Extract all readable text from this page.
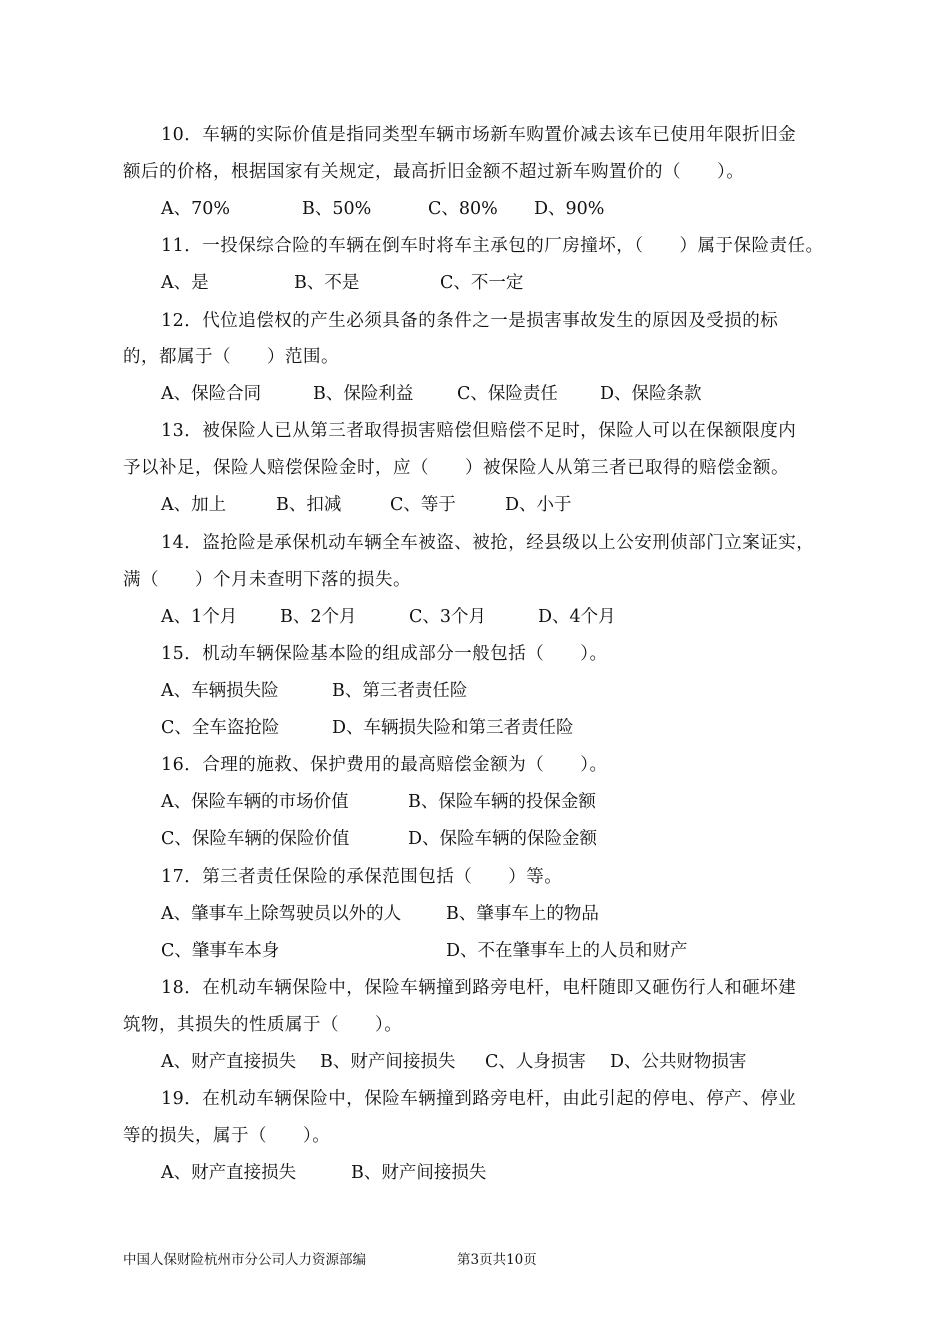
10．车辆的实际价值是指同类型车辆市场新车购置价减去该车已使用年限折旧金
额后的价格，根据国家有关规定，最高折旧金额不超过新车购置价的（　　）。
A、70%	B、50%	C、80% D、90%
11．一投保综合险的车辆在倒车时将车主承包的厂房撞坏，（　　）属于保险责任。
A、是	B、不是	C、不一定
12．代位追偿权的产生必须具备的条件之一是损害事故发生的原因及受损的标
的，都属于（　　）范围。
A、保险合同	B、保险利益 C、保险责任 D、保险条款
13．被保险人已从第三者取得损害赔偿但赔偿不足时，保险人可以在保额限度内
予以补足，保险人赔偿保险金时，应（　　）被保险人从第三者已取得的赔偿金额。
A、加上	B、扣减	C、等于	D、小于
14．盗抢险是承保机动车辆全车被盗、被抢，经县级以上公安刑侦部门立案证实，
满（　　）个月未查明下落的损失。
A、1个月 B、2个月	C、3个月	D、4个月
15．机动车辆保险基本险的组成部分一般包括（　　）。
A、车辆损失险	B、第三者责任险
C、全车盗抢险	D、车辆损失险和第三者责任险
16．合理的施救、保护费用的最高赔偿金额为（　　）。
A、保险车辆的市场价值	B、保险车辆的投保金额
C、保险车辆的保险价值	D、保险车辆的保险金额
17．第三者责任保险的承保范围包括（　　）等。
A、肇事车上除驾驶员以外的人	B、肇事车上的物品
C、肇事车本身	D、不在肇事车上的人员和财产
18．在机动车辆保险中，保险车辆撞到路旁电杆，电杆随即又砸伤行人和砸坏建
筑物，其损失的性质属于（　　）。
A、财产直接损失 B、财产间接损失 C、人身损害 D、公共财物损害
19．在机动车辆保险中，保险车辆撞到路旁电杆，由此引起的停电、停产、停业
等的损失，属于（　　）。
A、财产直接损失	B、财产间接损失
中国人保财险杭州市分公司人力资源部编	第3页共10页
